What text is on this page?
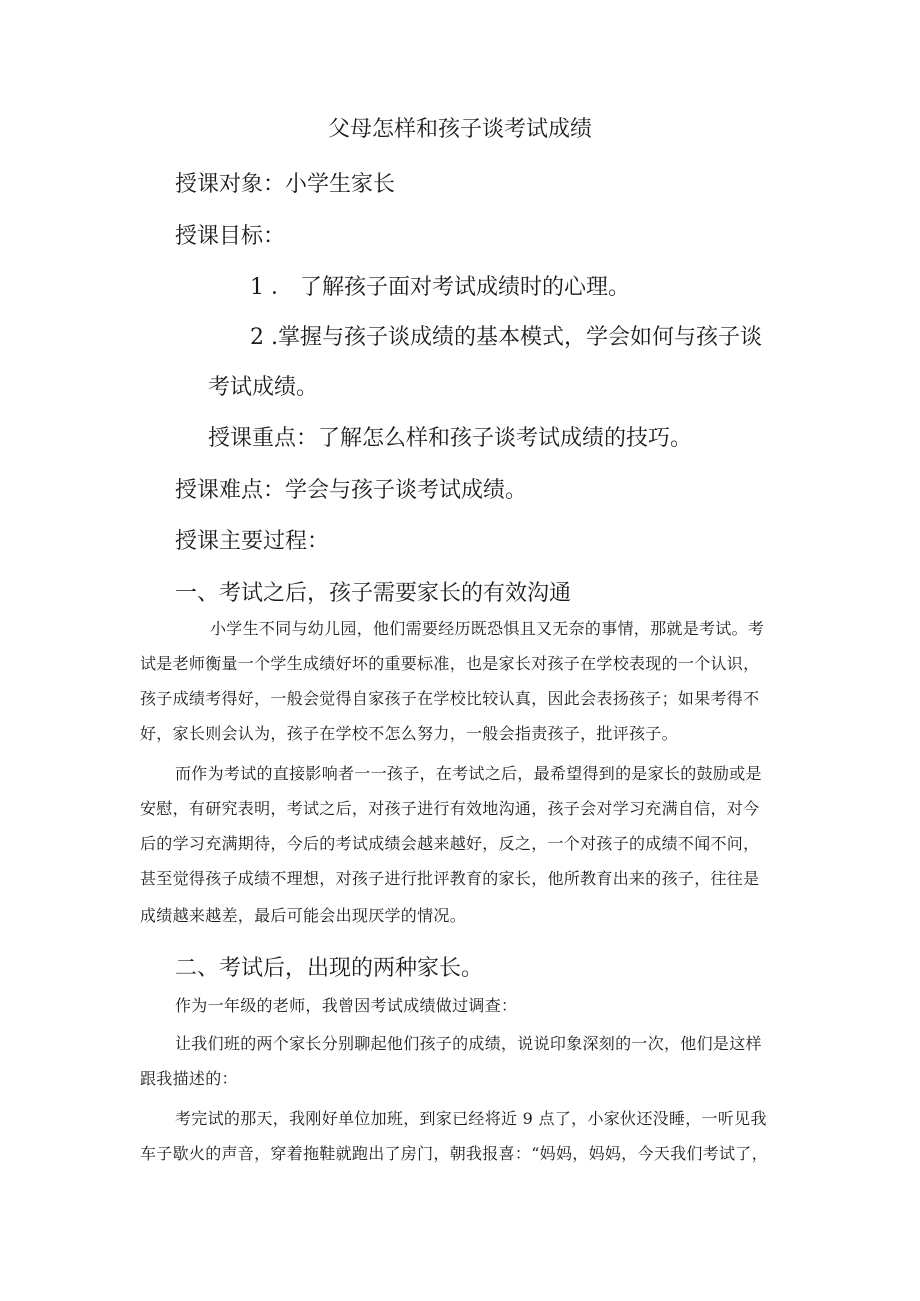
父母怎样和孩子谈考试成绩
授课对象：小学生家长
授课目标：
1 ． 了解孩子面对考试成绩时的心理。
2 .掌握与孩子谈成绩的基本模式，学会如何与孩子谈
考试成绩。
授课重点：了解怎么样和孩子谈考试成绩的技巧。
授课难点：学会与孩子谈考试成绩。
授课主要过程：
一、考试之后，孩子需要家长的有效沟通
小学生不同与幼儿园，他们需要经历既恐惧且又无奈的事情，那就是考试。考
试是老师衡量一个学生成绩好坏的重要标准，也是家长对孩子在学校表现的一个认识，
孩子成绩考得好，一般会觉得自家孩子在学校比较认真，因此会表扬孩子；如果考得不
好，家长则会认为，孩子在学校不怎么努力，一般会指责孩子，批评孩子。
而作为考试的直接影响者一一孩子，在考试之后，最希望得到的是家长的鼓励或是
安慰，有研究表明，考试之后，对孩子进行有效地沟通，孩子会对学习充满自信，对今
后的学习充满期待，今后的考试成绩会越来越好，反之，一个对孩子的成绩不闻不问，
甚至觉得孩子成绩不理想，对孩子进行批评教育的家长，他所教育出来的孩子，往往是
成绩越来越差，最后可能会出现厌学的情况。
二、考试后，出现的两种家长。
作为一年级的老师，我曾因考试成绩做过调查：
让我们班的两个家长分别聊起他们孩子的成绩，说说印象深刻的一次，他们是这样
跟我描述的：
考完试的那天，我刚好单位加班，到家已经将近 9 点了，小家伙还没睡，一听见我
车子歇火的声音，穿着拖鞋就跑出了房门，朝我报喜：“妈妈，妈妈，今天我们考试了，
